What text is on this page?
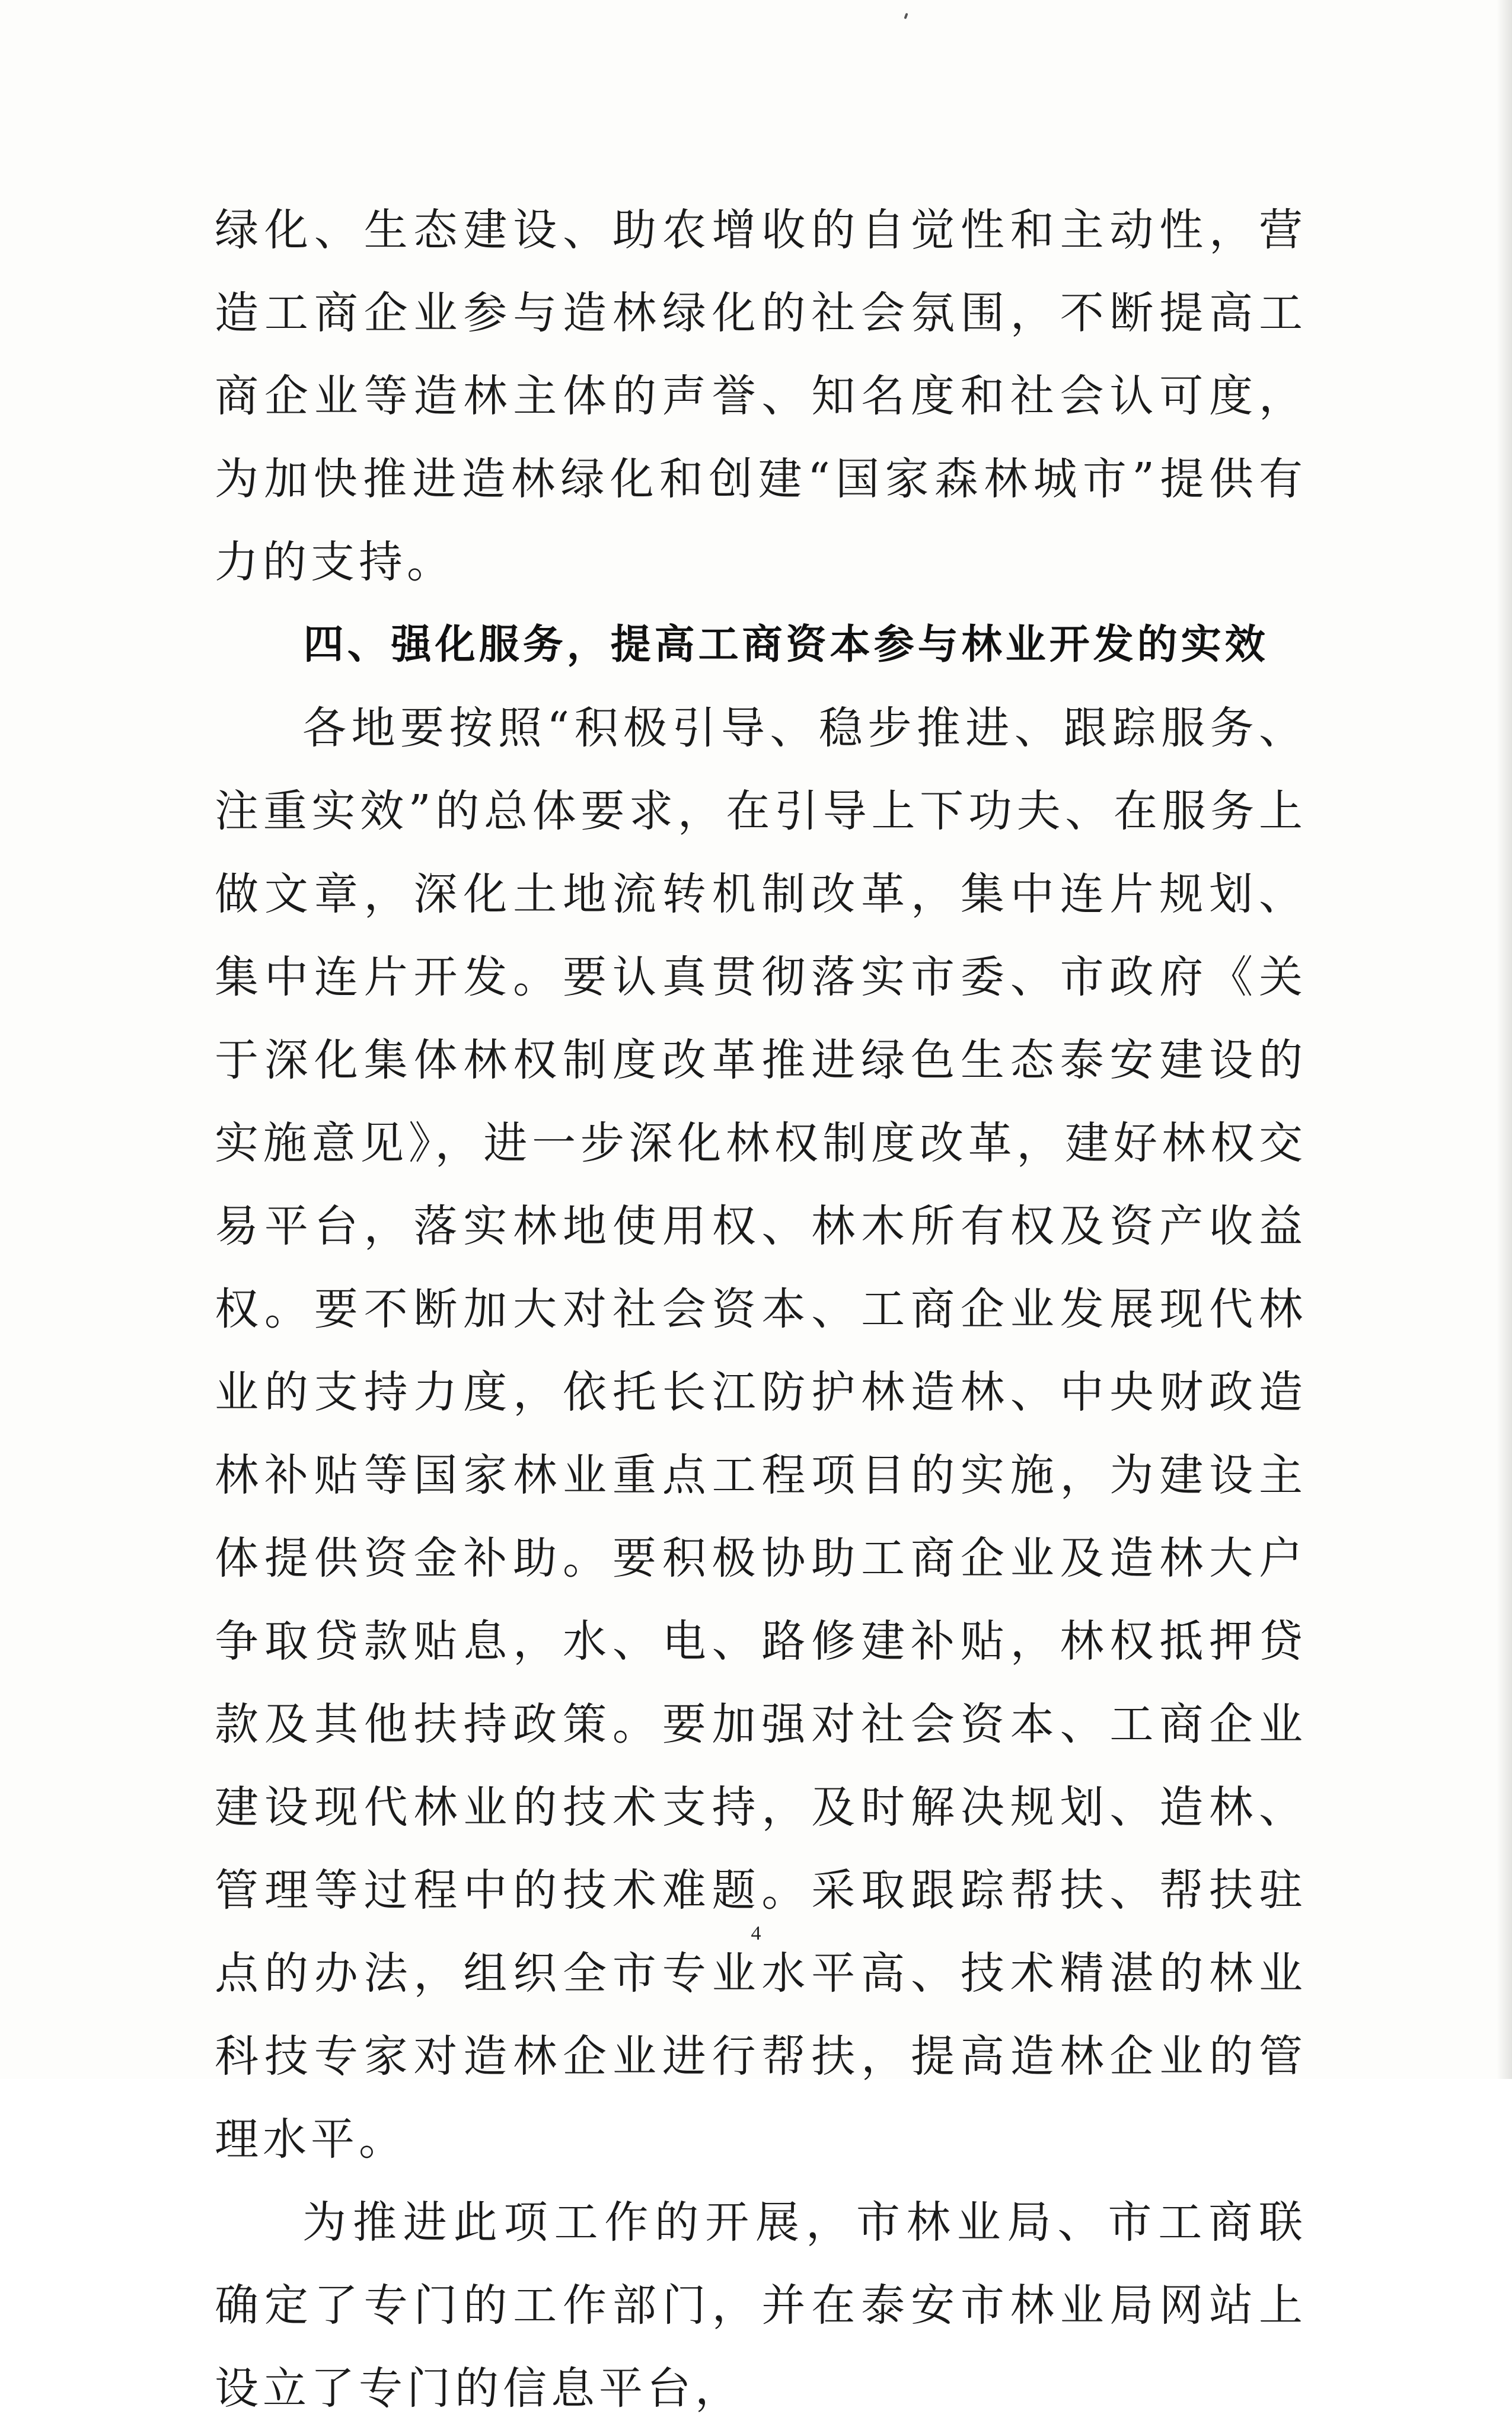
绿化、生态建设、助农增收的自觉性和主动性，营造工商企业参与造林绿化的社会氛围，不断提高工商企业等造林主体的声誉、知名度和社会认可度，为加快推进造林绿化和创建“国家森林城市”提供有力的支持。

四、强化服务，提高工商资本参与林业开发的实效

各地要按照“积极引导、稳步推进、跟踪服务、注重实效”的总体要求，在引导上下功夫、在服务上做文章，深化土地流转机制改革，集中连片规划、集中连片开发。要认真贯彻落实市委、市政府《关于深化集体林权制度改革推进绿色生态泰安建设的实施意见》，进一步深化林权制度改革，建好林权交易平台，落实林地使用权、林木所有权及资产收益权。要不断加大对社会资本、工商企业发展现代林业的支持力度，依托长江防护林造林、中央财政造林补贴等国家林业重点工程项目的实施，为建设主体提供资金补助。要积极协助工商企业及造林大户争取贷款贴息，水、电、路修建补贴，林权抵押贷款及其他扶持政策。要加强对社会资本、工商企业建设现代林业的技术支持，及时解决规划、造林、管理等过程中的技术难题。采取跟踪帮扶、帮扶驻点的办法，组织全市专业水平高、技术精湛的林业科技专家对造林企业进行帮扶，提高造林企业的管理水平。

为推进此项工作的开展，市林业局、市工商联确定了专门的工作部门，并在泰安市林业局网站上设立了专门的信息平台，

4
